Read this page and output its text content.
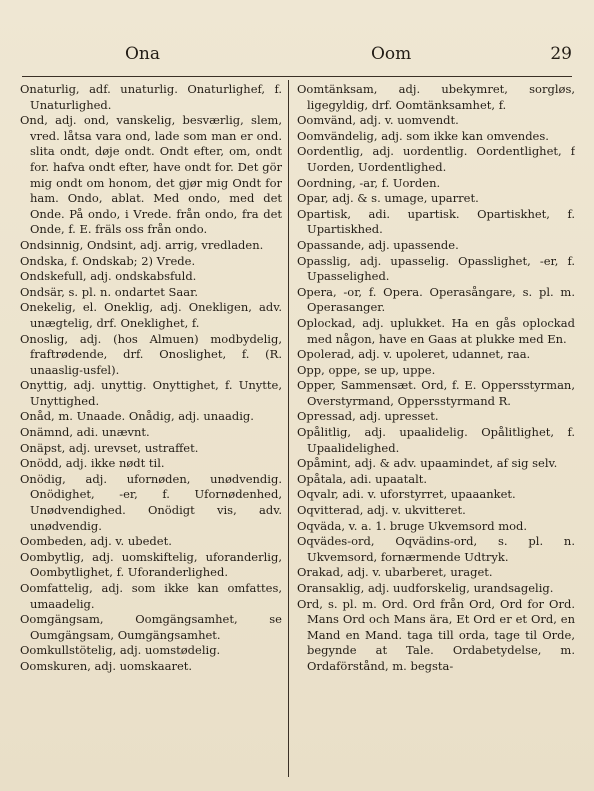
Ona	Oom	29

Onaturlig, adf. unaturlig. Onaturlighef, f. Unaturlighed.

Ond, adj. ond, vanskelig, besværlig, slem, vred. låtsa vara ond, lade som man er ond. slita ondt, døje ondt. Ondt efter, om, ondt for. hafva ondt efter, have ondt for. Det gör mig ondt om honom, det gjør mig Ondt for ham. Ondo, ablat. Med ondo, med det Onde. På ondo, i Vrede. från ondo, fra det Onde, f. E. fräls oss från ondo.

Ondsinnig, Ondsint, adj. arrig, vredladen.

Ondska, f. Ondskab; 2) Vrede.

Ondskefull, adj. ondskabsfuld.

Ondsär, s. pl. n. ondartet Saar.

Onekelig, el. Oneklig, adj. Onekligen, adv. unægtelig, drf. Oneklighet, f.

Onoslig, adj. (hos Almuen) modbydelig, fraftrødende, drf. Onoslighet, f. (R. unaaslig-usfel).

Onyttig, adj. unyttig. Onyttighet, f. Unytte, Unyttighed.

Onåd, m. Unaade. Onådig, adj. unaadig.

Onämnd, adi. unævnt.

Onäpst, adj. urevset, ustraffet.

Onödd, adj. ikke nødt til.

Onödig, adj. ufornøden, unødvendig. Onödighet, -er, f. Ufornødenhed, Unødvendighed. Onödigt vis, adv. unødvendig.

Oombeden, adj. v. ubedet.

Oombytlig, adj. uomskiftelig, uforanderlig, Oombytlighet, f. Uforanderlighed.

Oomfattelig, adj. som ikke kan omfattes, umaadelig.

Oomgängsam, Oomgängsamhet, se Oumgängsam, Oumgängsamhet.

Oomkullstötelig, adj. uomstødelig.

Oomskuren, adj. uomskaaret.

Oomtänksam, adj. ubekymret, sorgløs, ligegyldig, drf. Oomtänksamhet, f.

Oomvänd, adj. v. uomvendt.

Oomvändelig, adj. som ikke kan omvendes.

Oordentlig, adj. uordentlig. Oordentlighet, f Uorden, Uordentlighed.

Oordning, -ar, f. Uorden.

Opar, adj. & s. umage, uparret.

Opartisk, adi. upartisk. Opartiskhet, f. Upartiskhed.

Opassande, adj. upassende.

Opasslig, adj. upasselig. Opasslighet, -er, f. Upasselighed.

Opera, -or, f. Opera. Operasångare, s. pl. m. Operasanger.

Oplockad, adj. uplukket. Ha en gås oplockad med någon, have en Gaas at plukke med En.

Opolerad, adj. v. upoleret, udannet, raa.

Opp, oppe, se up, uppe.

Opper, Sammensæt. Ord, f. E. Oppersstyrman, Overstyrmand, Oppersstyrmand R.

Opressad, adj. upresset.

Opålitlig, adj. upaalidelig. Opålitlighet, f. Upaalidelighed.

Opåmint, adj. & adv. upaamindet, af sig selv.

Opåtala, adi. upaatalt.

Oqvalr, adi. v. uforstyrret, upaaanket.

Oqvitterad, adj. v. ukvitteret.

Oqväda, v. a. 1. bruge Ukvemsord mod.

Oqvädes-ord, Oqvädins-ord, s. pl. n. Ukvemsord, fornærmende Udtryk.

Orakad, adj. v. ubarberet, uraget.

Oransaklig, adj. uudforskelig, urandsagelig.

Ord, s. pl. m. Ord. Ord från Ord, Ord for Ord. Mans Ord och Mans ära, Et Ord er et Ord, en Mand en Mand. taga till orda, tage til Orde, begynde at Tale. Ordabetydelse, m. Ordaförstånd, m. begsta-
